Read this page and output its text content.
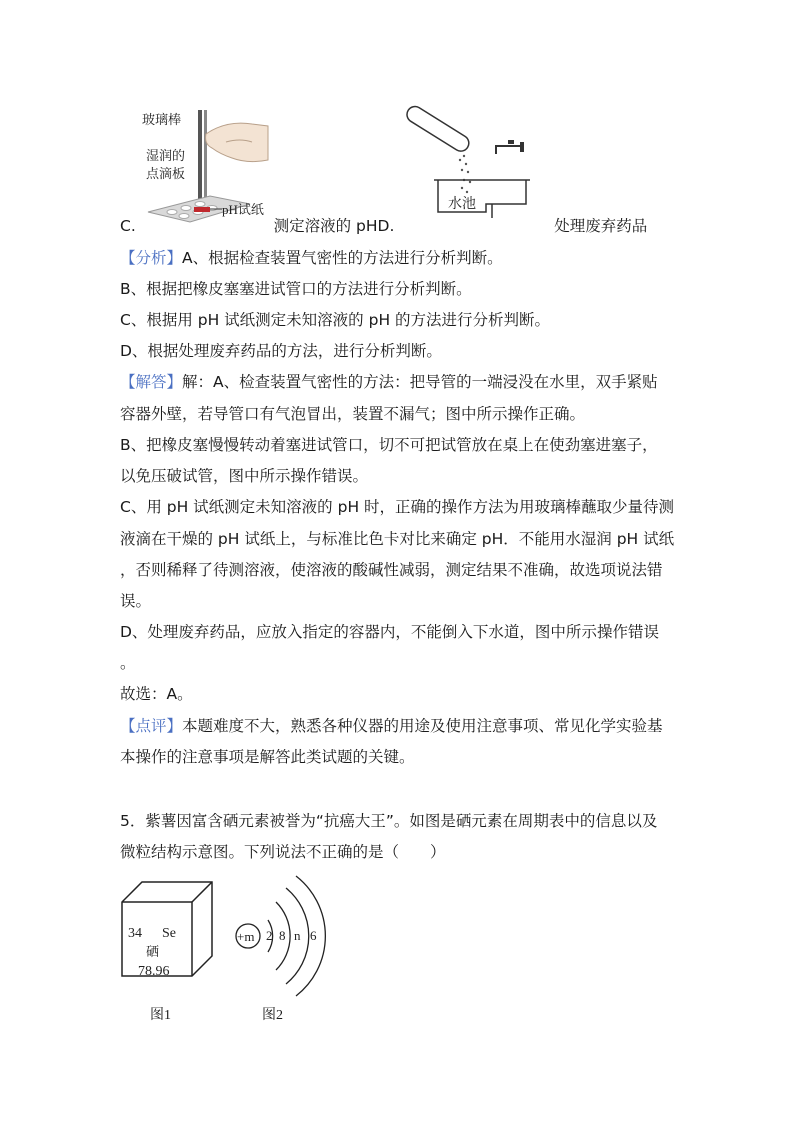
玻璃棒
湿润的
点滴板
pH试纸
C.	测定溶液的 pHD.	处理废弃药品
水池
【分析】A、根据检查装置气密性的方法进行分析判断。
B、根据把橡皮塞塞进试管口的方法进行分析判断。
C、根据用 pH 试纸测定未知溶液的 pH 的方法进行分析判断。
D、根据处理废弃药品的方法，进行分析判断。
【解答】解：A、检查装置气密性的方法：把导管的一端浸没在水里，双手紧贴
容器外壁，若导管口有气泡冒出，装置不漏气；图中所示操作正确。
B、把橡皮塞慢慢转动着塞进试管口，切不可把试管放在桌上在使劲塞进塞子，
以免压破试管，图中所示操作错误。
C、用 pH 试纸测定未知溶液的 pH 时，正确的操作方法为用玻璃棒蘸取少量待测
液滴在干燥的 pH 试纸上，与标准比色卡对比来确定 pH．不能用水湿润 pH 试纸
，否则稀释了待测溶液，使溶液的酸碱性减弱，测定结果不准确，故选项说法错
误。
D、处理废弃药品，应放入指定的容器内，不能倒入下水道，图中所示操作错误
。
故选：A。
【点评】本题难度不大，熟悉各种仪器的用途及使用注意事项、常见化学实验基
本操作的注意事项是解答此类试题的关键。
5．紫薯因富含硒元素被誉为“抗癌大王”。如图是硒元素在周期表中的信息以及
微粒结构示意图。下列说法不正确的是（　　）
34 Se
硒
78.96
图1
+m 2 8 n 6
图2
